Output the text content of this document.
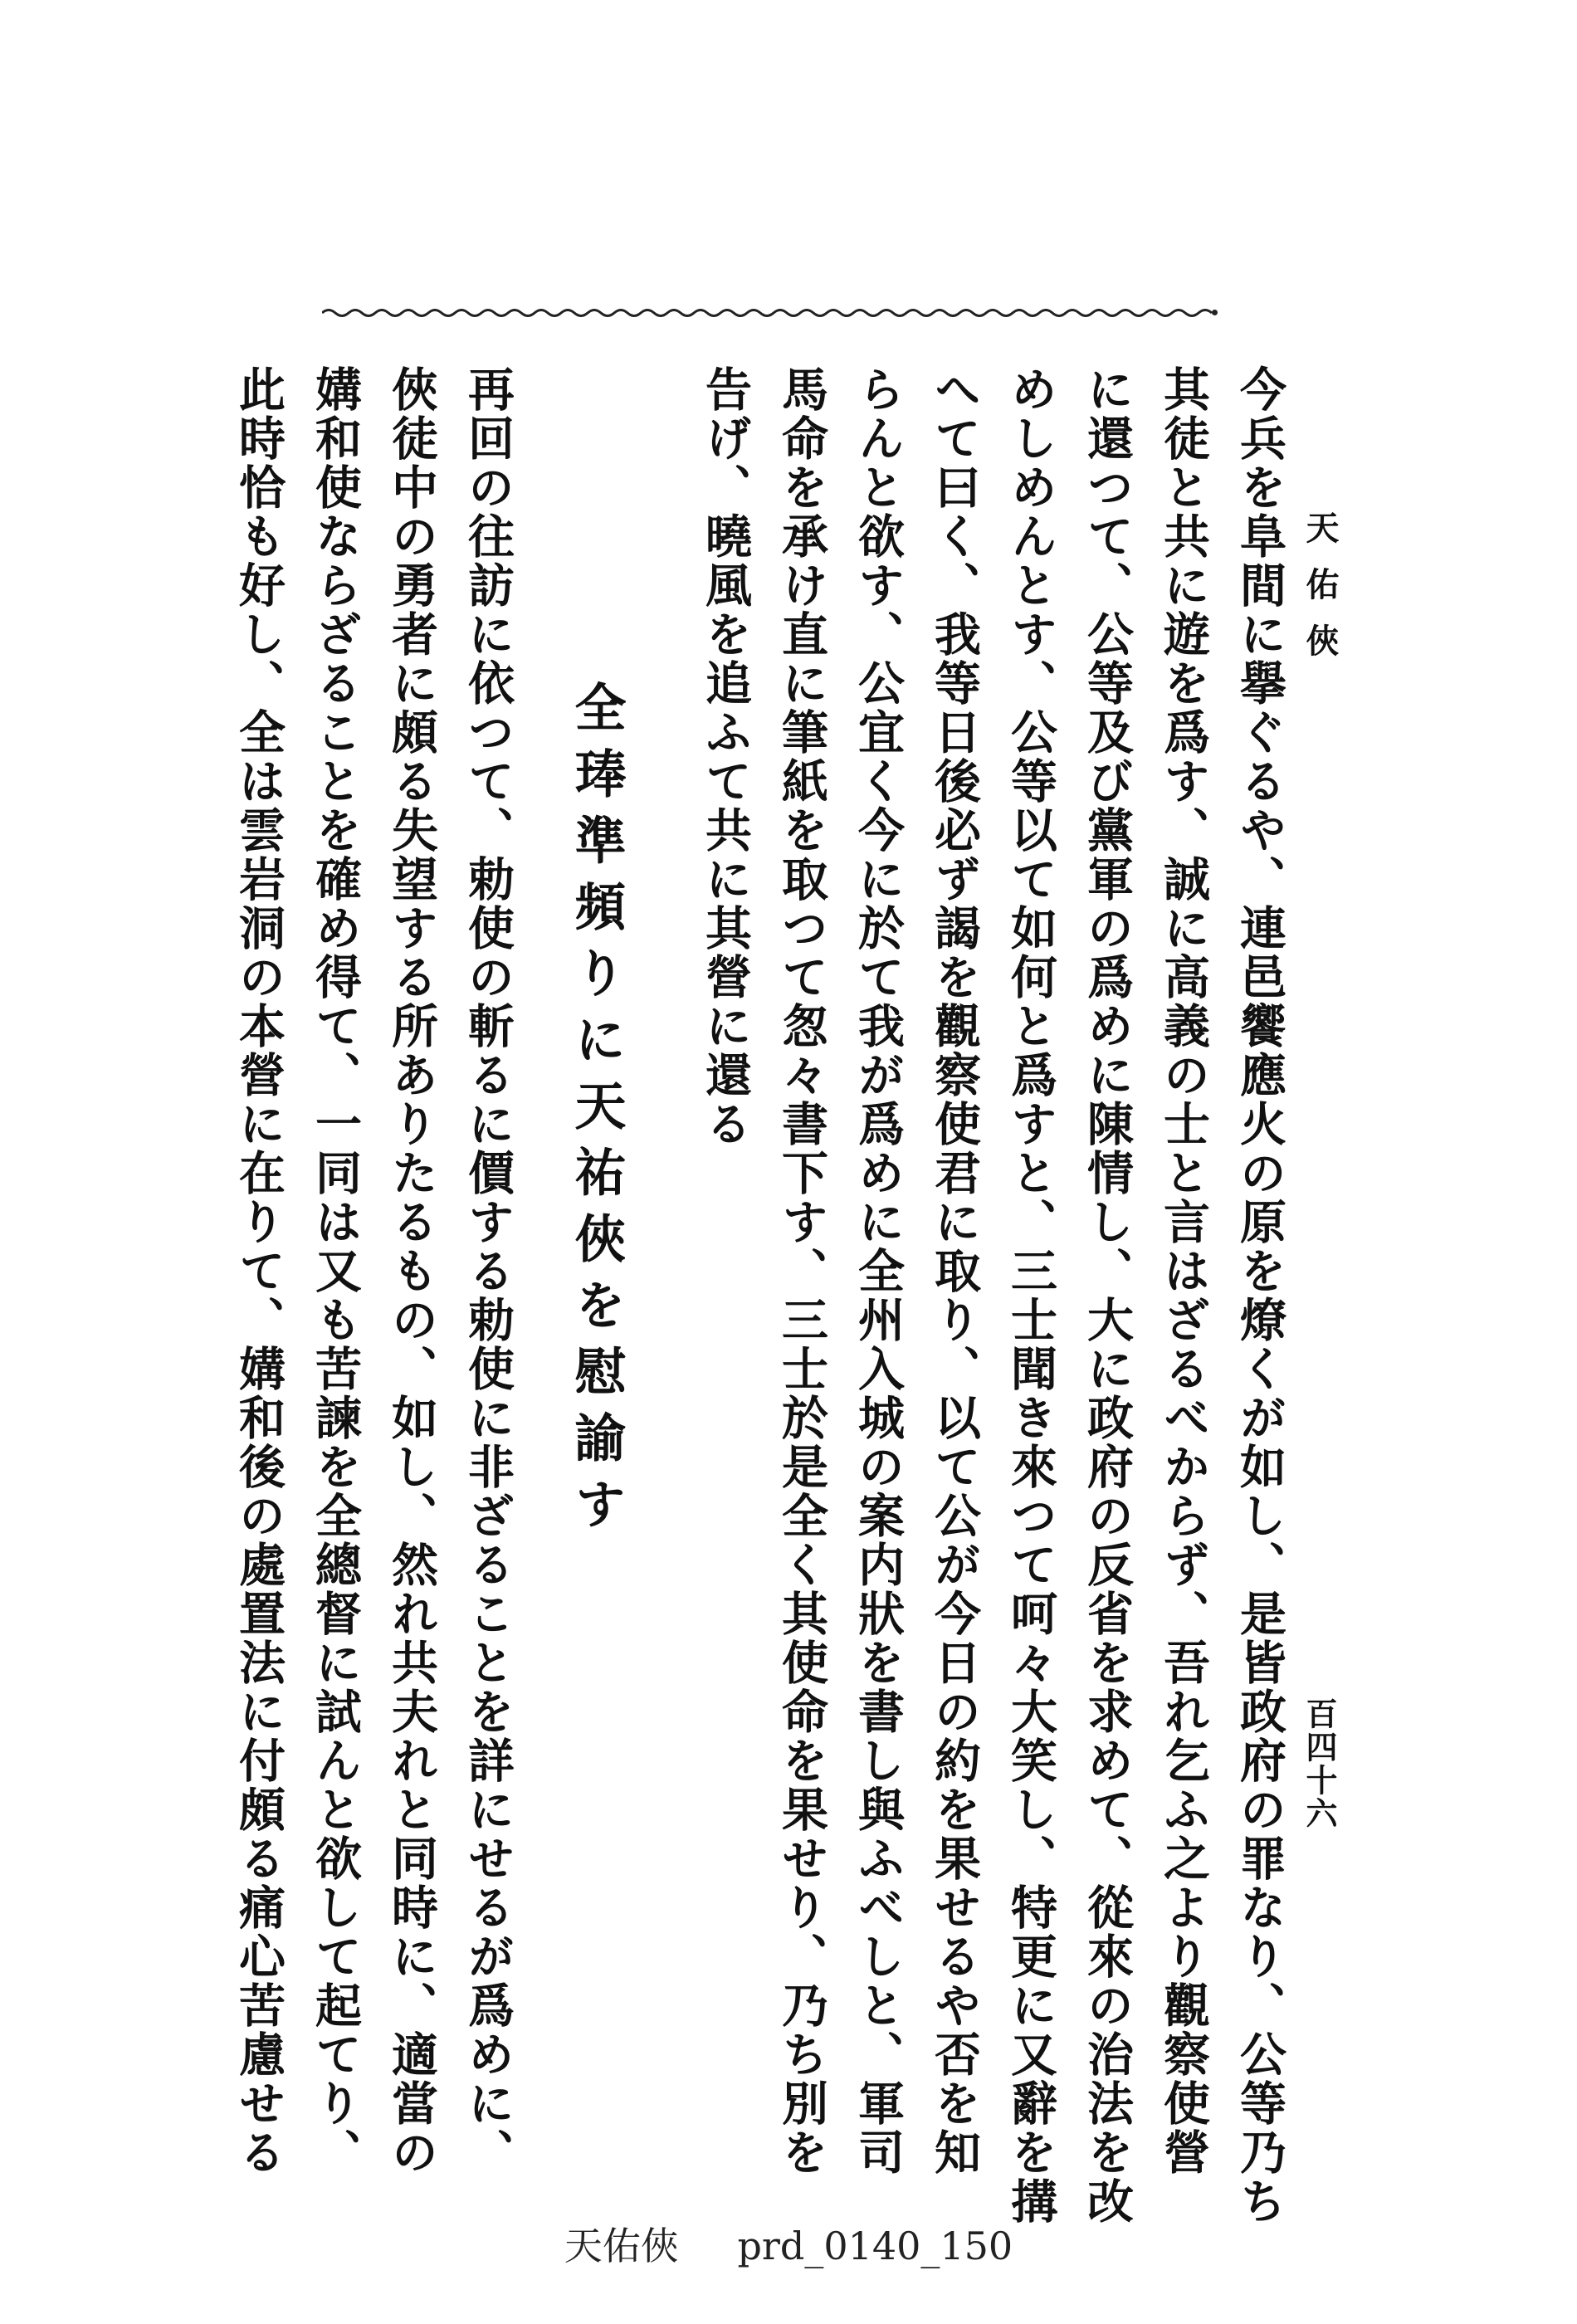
天佑俠
今兵を阜間に擧ぐるや、連邑饗應火の原を燎くが如し、是皆政府の罪なり、公等乃ち
其徒と共に遊を爲す、誠に高義の士と言はざるべからず、吾れ乞ふ之より觀察使營
に還つて、公等及び黨軍の爲めに陳情し、大に政府の反省を求めて、從來の治法を改
めしめんとす、公等以て如何と爲すと、三士聞き來つて呵々大笑し、特更に又辭を搆
へて曰く、我等日後必ず謁を觀察使君に取り、以て公が今日の約を果せるや否を知
らんと欲す、公宜く今に於て我が爲めに全州入城の案内狀を書し與ふべしと、軍司
馬命を承け直に筆紙を取つて怱々書下す、三士於是全く其使命を果せり、乃ち別を
告げ、曉風を追ふて共に其營に還る
全琫準頻りに天祐俠を慰諭す
再回の往訪に依つて、勅使の斬るに價する勅使に非ざることを詳にせるが爲めに、
俠徒中の勇者に頗る失望する所ありたるもの、如し、然れ共夫れと同時に、適當の
媾和使ならざることを確め得て、一同は又も苦諫を全總督に試んと欲して起てり、
此時恰も好し、全は雲岩洞の本營に在りて、媾和後の處置法に付頗る痛心苦慮せる	百四十六
天佑俠 prd_0140_150
